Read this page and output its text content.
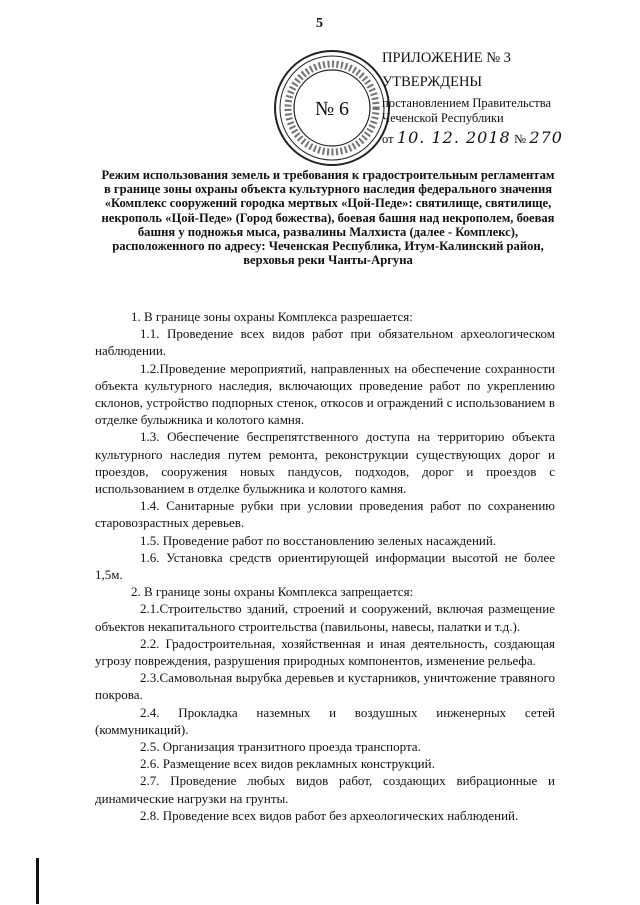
5
№ 6
ПРИЛОЖЕНИЕ № 3
УТВЕРЖДЕНЫ
постановлением Правительства
Чеченской Республики
от 10. 12. 2018 № 270
Режим использования земель и требования к градостроительным регламентам в границе зоны охраны объекта культурного наследия федерального значения «Комплекс сооружений городка мертвых «Цой-Педе»: святилище, святилище, некрополь «Цой-Педе» (Город божества), боевая башня над некрополем, боевая башня у подножья мыса, развалины Малхиста (далее - Комплекс), расположенного по адресу: Чеченская Республика, Итум-Калинский район, верховья реки Чанты-Аргуна

1. В границе зоны охраны Комплекса разрешается:

1.1. Проведение всех видов работ при обязательном археологическом наблюдении.

1.2.Проведение мероприятий, направленных на обеспечение сохранности объекта культурного наследия, включающих проведение работ по укреплению склонов, устройство подпорных стенок, откосов и ограждений с использованием в отделке булыжника и колотого камня.

1.3. Обеспечение беспрепятственного доступа на территорию объекта культурного наследия путем ремонта, реконструкции существующих дорог и проездов, сооружения новых пандусов, подходов, дорог и проездов с использованием в отделке булыжника и колотого камня.

1.4. Санитарные рубки при условии проведения работ по сохранению старовозрастных деревьев.

1.5. Проведение работ по восстановлению зеленых насаждений.

1.6. Установка средств ориентирующей информации высотой не более 1,5м.

2. В границе зоны охраны Комплекса запрещается:

2.1.Строительство зданий, строений и сооружений, включая размещение объектов некапитального строительства (павильоны, навесы, палатки и т.д.).

2.2. Градостроительная, хозяйственная и иная деятельность, создающая угрозу повреждения, разрушения природных компонентов, изменение рельефа.

2.3.Самовольная вырубка деревьев и кустарников, уничтожение травяного покрова.

2.4. Прокладка наземных и воздушных инженерных сетей (коммуникаций).

2.5. Организация транзитного проезда транспорта.

2.6. Размещение всех видов рекламных конструкций.

2.7. Проведение любых видов работ, создающих вибрационные и динамические нагрузки на грунты.

2.8. Проведение всех видов работ без археологических наблюдений.
